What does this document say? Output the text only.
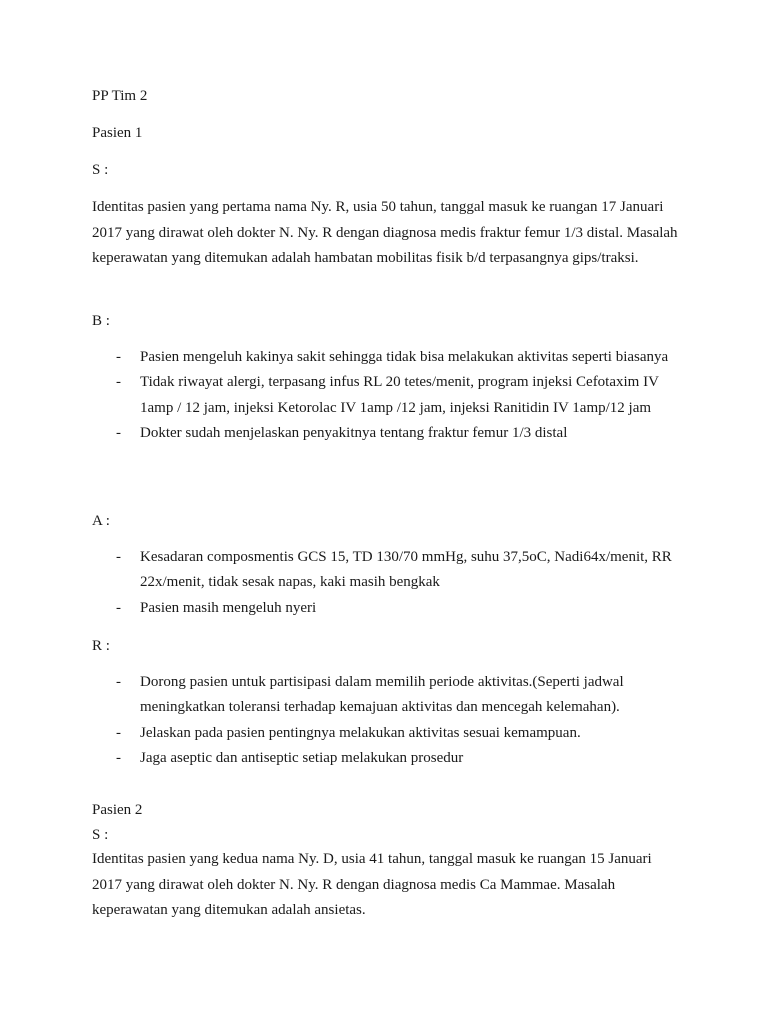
PP Tim 2
Pasien 1
S :

Identitas pasien yang pertama nama Ny. R, usia 50 tahun, tanggal masuk ke ruangan 17 Januari 2017 yang dirawat oleh dokter N. Ny. R dengan diagnosa medis fraktur femur 1/3 distal. Masalah keperawatan yang ditemukan adalah hambatan mobilitas fisik b/d terpasangnya gips/traksi.

B :
- Pasien mengeluh kakinya sakit sehingga tidak bisa melakukan aktivitas seperti biasanya
- Tidak riwayat alergi, terpasang infus RL 20 tetes/menit, program injeksi Cefotaxim IV 1amp / 12 jam, injeksi Ketorolac IV 1amp /12 jam, injeksi Ranitidin IV 1amp/12 jam
- Dokter sudah menjelaskan penyakitnya tentang fraktur femur 1/3 distal
A :
- Kesadaran composmentis GCS 15, TD 130/70 mmHg, suhu 37,5oC, Nadi64x/menit, RR 22x/menit, tidak sesak napas, kaki masih bengkak
- Pasien masih mengeluh nyeri
R :
- Dorong pasien untuk partisipasi dalam memilih periode aktivitas.(Seperti jadwal meningkatkan toleransi terhadap kemajuan aktivitas dan mencegah kelemahan).
- Jelaskan pada pasien pentingnya melakukan aktivitas sesuai kemampuan.
- Jaga aseptic dan antiseptic setiap melakukan prosedur
Pasien 2
S :

Identitas pasien yang kedua nama Ny. D, usia 41 tahun, tanggal masuk ke ruangan 15 Januari 2017 yang dirawat oleh dokter N. Ny. R dengan diagnosa medis Ca Mammae. Masalah keperawatan yang ditemukan adalah ansietas.
